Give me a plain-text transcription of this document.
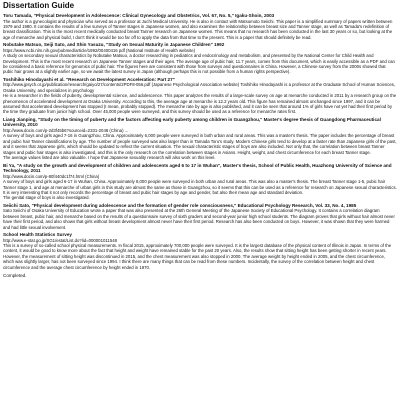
Dissertation Guide
Toru Tamada, "Physical Development in Adolescence: Clinical Gynecology and Obstetrics, Vol. 67, No. 5," Igaku-Shoin, 2003
The author is a gynecologist and physician who served as a professor at Juchi Medical University. He is also in contact with Matsumoto Seiichi. This paper is a simplified summary of papers written between 1979 and 1980. It contains the results of a few surveys of Tanner stages in Japanese women, and also examines the relationship between breast size and Tanner stage, as well as Tamada's redefinition of breast classification. This is the most recent medically conducted breast Tanner research on Japanese women. This means that no research has been conducted in the last 30 years or so, but looking at the age of menarche and physical build, I don't think it would be too far off to apply the data from that time to the present. This is a paper that should definitely be read.
Nobutake Matsuo, Seiji Sato, and Shin Yasuzu, "Study on Sexual Maturity in Japanese Children" 1992
https://www.ncbi.nlm.nih.gov/pubmed/article/1992/00400416 pdf (National Institute of Health website)
A study on secondary sexual characteristics by Nobutake Matsuo, a doctor researching in pediatrics and endocrinology and metabolism, and presented by the National Center for Child Health and Development. This is the most recent research on Japanese Tanner stages and their ages. The average age of pubic hair, 11.7 years, comes from this document, which is easily accessible as a PDF and can be considered a basic reference for genomics of pubic hair. The figures here are consistent with those from surveys and questionnaires in China. However, a Chinese survey from the 2000s showed that pubic hair grows at a slightly earlier age, so we await the latest survey in Japan (although perhaps this is not possible from a human rights perspective).
Toshihiko Hinodayashi et al. "Research on Development Acceleration: Part 27"
http://www.jpsych.or.jp/publication/research/gaiyo/27/contents/2PDF8-056.pdf (Japanese Psychological Association website) Toshihiko Hinodayashi is a professor at the Graduate School of Human Sciences, Osaka University, and specializes in psychology
He is a researcher in the fields of puberty, developmental science, and adolescence. This paper analyzes the results of a large-scale survey on age at menarche conducted in 2011 by a research group on the phenomenon of accelerated development at Osaka University. According to this, the average age at menarche is 12.2 years old. This figure has remained almost unchanged since 1997, and it can be assumed that accelerated development has stopped (I mean, probably stopped). The menarche rate by age is also published, and it can be seen that around 1% of girls have not yet had their first period by the time they graduate from junior high school. Over 45,000 people were surveyed, and this survey should be used as a reference for menarche rates first.
Liang Jianping, "Study on the timing of puberty and the factors affecting early puberty among children in Guangzhou," Master's degree thesis of Guangdong Pharmaceutical University, 2010
http://www.docin.com/p-2d3f45b6?sourceid=2331-2048 (China) ...
A survey of boys and girls aged 7-16 in Guangzhou, China. Approximately 6,000 people were surveyed in both urban and rural areas. This was a master's thesis. The paper includes the percentage of breast and pubic hair Tanner classifications by age. The number of people surveyed was also larger than in Tamada Toru's study. Modern Chinese girls tend to develop at a faster rate than Japanese girls of the past, and it seems that Japanese girls, which should be updated to reflect the current situation. The sexual characteristic stages of boys are also included. Not only that, the correlation between breast Tanner stages and pubic hair stages is also investigated, and this is the only research on the correlation between stages in Asians. Height, weight, and chest circumference for each breast Tanner stage.
The average values listed are also valuable. I hope that Japanese sexuality research will also work on this level.
Bi Ya, "A study on the growth and development of children and adolescents aged 6 to 17 in Wuhan", Master's thesis, School of Public Health, Huazhong University of Science and Technology, 2011
http://www.docin.com/p-80f440dc1f74.html (China)
A survey of boys and girls aged 6-17 in Wuhan, China. Approximately 8,000 people were surveyed in both urban and rural areas. This was also a master's thesis. The breast Tanner stage 1-5, pubic hair Tanner stage 1, and age at menarche of urban girls in this study are almost the same as those in Guangzhou, so it seems that this can be used as a reference for research on Japanese sexual characteristics. It is very interesting that it not only records the percentage of breast and pubic hair stages by age and gender, but also their mean age and standard deviation.
The genital stage of boys is also investigated.
Seiichi Sato, "Physical development during adolescence and the formation of gender role consciousness," Educational Psychology Research, Vol. 33, No. 4, 1985
Sato Seiichi of Osaka University of Education wrote a paper that was also presented at the 26th General Meeting of the Japanese Society of Educational Psychology. It contains a correlation diagram between breast, pubic hair, and menarche based on the results of a questionnaire survey of sixth graders and second-year junior high school students. The diagram proves that girls without hair almost never have their first period, and also shows that girls without breast development almost never have their first period. Research has also been conducted on boys. However, it was shown that they were harmed and had little sexual involvement.
School Health Statistics Survey
http://www.e-stat.go.jp/SG1/estat/List.do?lid=000001011548
This is a survey of so-called school physical measurements. In fiscal 2015, approximately 700,000 people were surveyed. It is the largest database of the physical content of Illinois in Japan. In terms of the content, it would be good to know more about the fact that height and weight have remained stable for the past 20 years. Also, the results show that sitting height has been getting shorter in recent years.
However, the measurement of sitting height was discontinued in 2015, and the chest measurement was also stopped in 2000. The average weight by height ended in 2005, and the chest circumference, which was slightly larger, has not been surveyed since 1994. I think there are many things that can be read from these numbers. Incidentally, the survey of the correlation between height and chest circumference and the average chest circumference by height ended in 1970.
Completed.
